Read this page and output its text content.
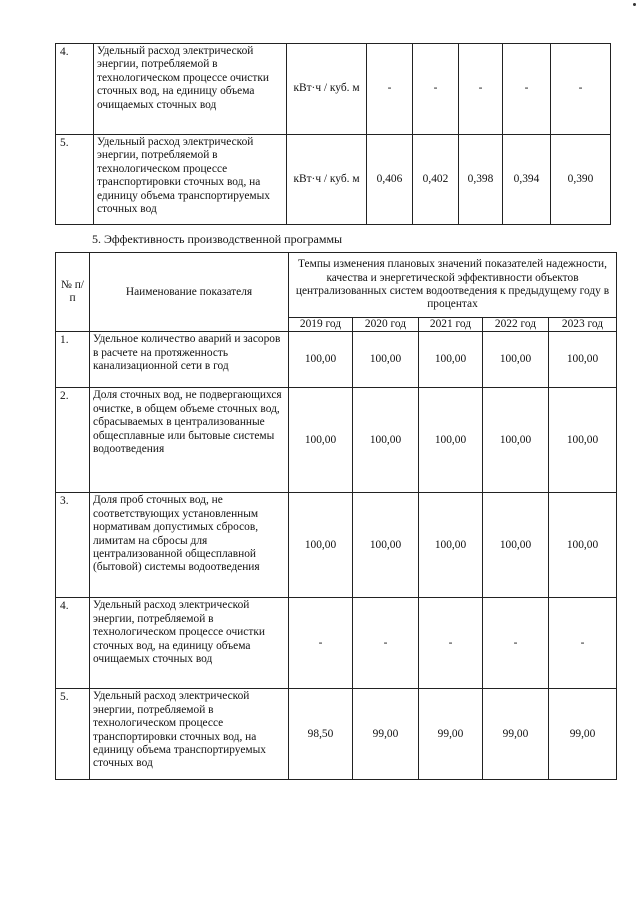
4.	Удельный расход электрической энергии, потребляемой в технологическом процессе очистки сточных вод, на единицу объема очищаемых сточных вод	кВт·ч / куб. м	-	-	-	-	-
5.	Удельный расход электрической энергии, потребляемой в технологическом процессе транспортировки сточных вод, на единицу объема транспортируемых сточных вод	кВт·ч / куб. м	0,406	0,402	0,398	0,394	0,390
5. Эффективность производственной программы
№ п/ п	Наименование показателя	Темпы изменения плановых значений показателей надежности, качества и энергетической эффективности объектов централизованных систем водоотведения к предыдущему году в процентах				
		2019 год	2020 год	2021 год	2022 год	2023 год
1.	Удельное количество аварий и засоров в расчете на протяженность канализационной сети в год	100,00	100,00	100,00	100,00	100,00
2.	Доля сточных вод, не подвергающихся очистке, в общем объеме сточных вод, сбрасываемых в централизованные общесплавные или бытовые системы водоотведения	100,00	100,00	100,00	100,00	100,00
3.	Доля проб сточных вод, не соответствующих установленным нормативам допустимых сбросов, лимитам на сбросы для централизованной общесплавной (бытовой) системы водоотведения	100,00	100,00	100,00	100,00	100,00
4.	Удельный расход электрической энергии, потребляемой в технологическом процессе очистки сточных вод, на единицу объема очищаемых сточных вод	-	-	-	-	-
5.	Удельный расход электрической энергии, потребляемой в технологическом процессе транспортировки сточных вод, на единицу объема транспортируемых сточных вод	98,50	99,00	99,00	99,00	99,00
